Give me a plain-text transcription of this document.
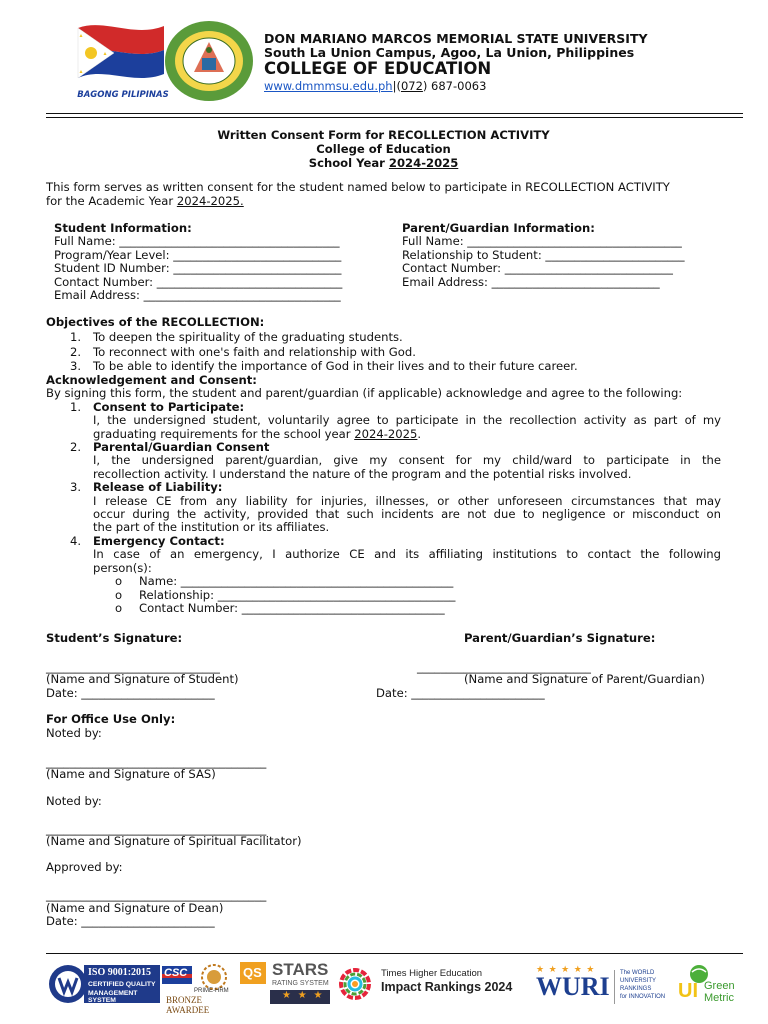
BAGONG PILIPINAS
DON MARIANO MARCOS MEMORIAL STATE UNIVERSITY
South La Union Campus, Agoo, La Union, Philippines
COLLEGE OF EDUCATION
www.dmmmsu.edu.ph|(072) 687-0063
Written Consent Form for RECOLLECTION ACTIVITY
College of Education
School Year 2024-2025
This form serves as written consent for the student named below to participate in RECOLLECTION ACTIVITY
for the Academic Year 2024-2025.
Student Information:
Full Name: ______________________________________
Program/Year Level: _____________________________
Student ID Number: _____________________________
Contact Number: ________________________________
Email Address: __________________________________
Parent/Guardian Information:
Full Name: _____________________________________
Relationship to Student: ________________________
Contact Number: _____________________________
Email Address: _____________________________
Objectives of the RECOLLECTION:
1. To deepen the spirituality of the graduating students.
2. To reconnect with one's faith and relationship with God.
3. To be able to identify the importance of God in their lives and to their future career.
Acknowledgement and Consent:
By signing this form, the student and parent/guardian (if applicable) acknowledge and agree to the following:
1. Consent to Participate:
I, the undersigned student, voluntarily agree to participate in the recollection activity as part of my
graduating requirements for the school year 2024-2025.
2. Parental/Guardian Consent
I, the undersigned parent/guardian, give my consent for my child/ward to participate in the
recollection activity. I understand the nature of the program and the potential risks involved.
3. Release of Liability:
I release CE from any liability for injuries, illnesses, or other unforeseen circumstances that may
occur during the activity, provided that such incidents are not due to negligence or misconduct on
the part of the institution or its affiliates.
4. Emergency Contact:
In case of an emergency, I authorize CE and its affiliating institutions to contact the following
person(s):
o Name: _______________________________________________
o Relationship: _________________________________________
o Contact Number: ___________________________________
Student’s Signature:	Parent/Guardian’s Signature:
______________________________	______________________________
(Name and Signature of Student)	(Name and Signature of Parent/Guardian)
Date: _______________________	Date: _______________________
For Office Use Only:
Noted by:
______________________________________
(Name and Signature of SAS)
Noted by:
______________________________________
(Name and Signature of Spiritual Facilitator)
Approved by:
______________________________________
(Name and Signature of Dean)
Date: _______________________
ISO 9001:2015
CERTIFIED QUALITY
MANAGEMENT SYSTEM
CSC
PRIME-HRM
BRONZE AWARDEE
QS STARS
RATING SYSTEM
★ ★ ★
Times Higher Education
Impact Rankings 2024
★ ★ ★ ★ ★
WURI The WORLD
UNIVERSITY
RANKINGS
for INNOVATION UI Green
Metric
